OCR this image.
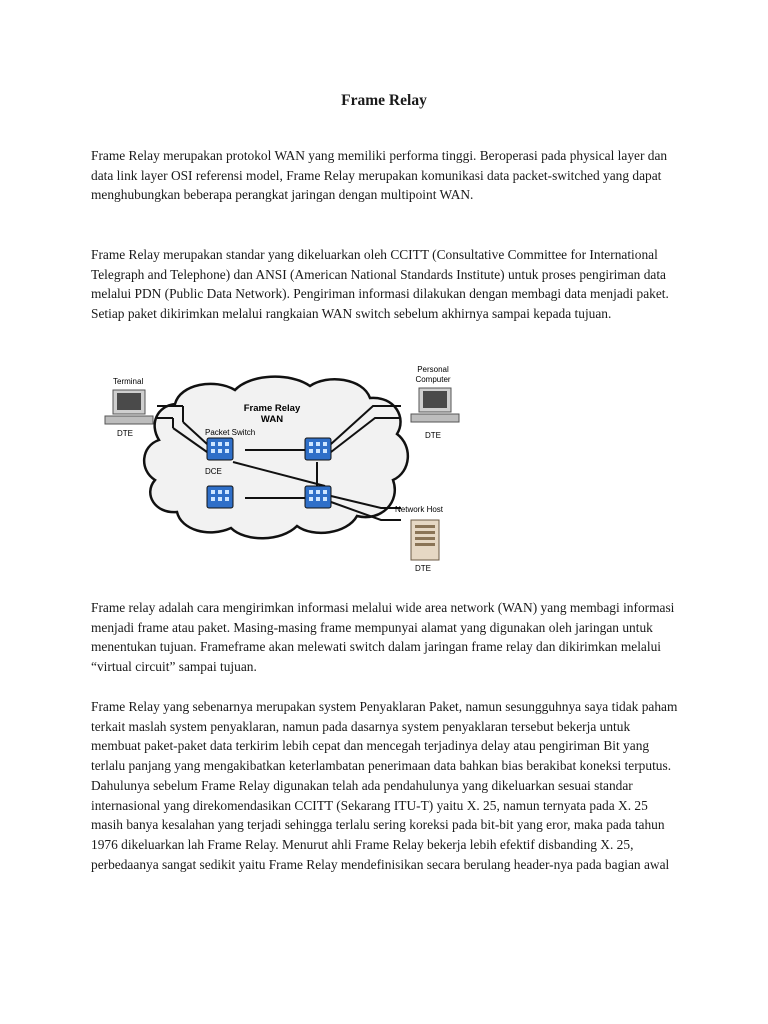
Frame Relay

Frame Relay merupakan protokol WAN yang memiliki performa tinggi. Beroperasi pada physical layer dan data link layer OSI referensi model, Frame Relay merupakan komunikasi data packet-switched yang dapat menghubungkan beberapa perangkat jaringan dengan multipoint WAN.

Frame Relay merupakan standar yang dikeluarkan oleh CCITT (Consultative Committee for International Telegraph and Telephone) dan ANSI (American National Standards Institute) untuk proses pengiriman data melalui PDN (Public Data Network). Pengiriman informasi dilakukan dengan membagi data menjadi paket. Setiap paket dikirimkan melalui rangkaian WAN switch sebelum akhirnya sampai kepada tujuan.

Frame Relay
WAN
Packet Switch
DCE
Terminal
DTE
Personal
Computer
DTE
Network Host
DTE

Frame relay adalah cara mengirimkan informasi melalui wide area network (WAN) yang membagi informasi menjadi frame atau paket. Masing-masing frame mempunyai alamat yang digunakan oleh jaringan untuk menentukan tujuan. Frameframe akan melewati switch dalam jaringan frame relay dan dikirimkan melalui “virtual circuit” sampai tujuan.

Frame Relay yang sebenarnya merupakan system Penyaklaran Paket, namun sesungguhnya saya tidak paham terkait maslah system penyaklaran, namun pada dasarnya system penyaklaran tersebut bekerja untuk membuat paket-paket data terkirim lebih cepat dan mencegah terjadinya delay atau pengiriman Bit yang terlalu panjang yang mengakibatkan keterlambatan penerimaan data bahkan bias berakibat koneksi terputus. Dahulunya sebelum Frame Relay digunakan telah ada pendahulunya yang dikeluarkan sesuai standar internasional yang direkomendasikan CCITT (Sekarang ITU-T) yaitu X. 25, namun ternyata pada X. 25 masih banya kesalahan yang terjadi sehingga terlalu sering koreksi pada bit-bit yang eror, maka pada tahun 1976 dikeluarkan lah Frame Relay. Menurut ahli Frame Relay bekerja lebih efektif disbanding X. 25, perbedaanya sangat sedikit yaitu Frame Relay mendefinisikan secara berulang header-nya pada bagian awal
